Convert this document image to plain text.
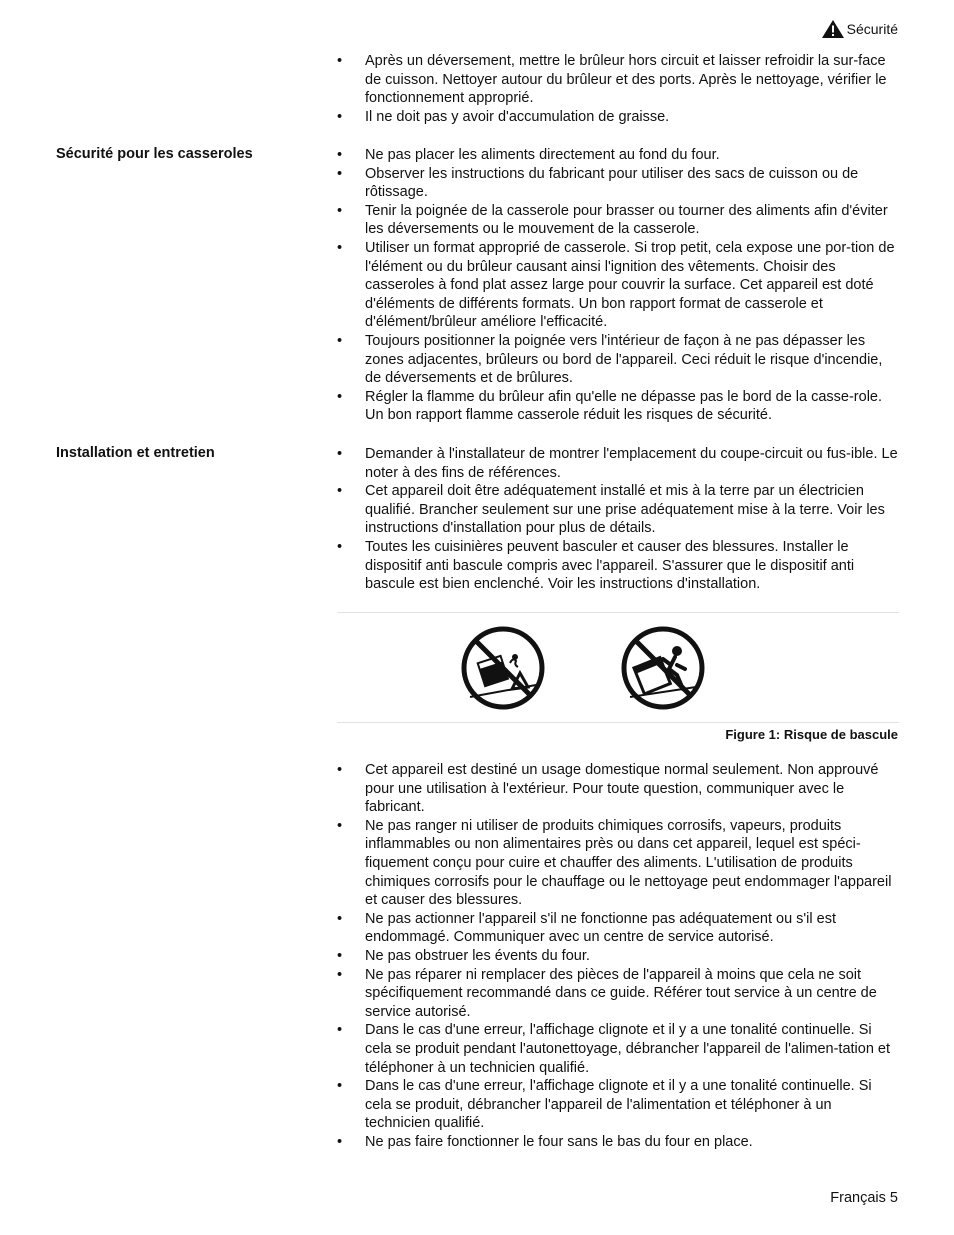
Sécurité
• Après un déversement, mettre le brûleur hors circuit et laisser refroidir la sur-face de cuisson. Nettoyer autour du brûleur et des ports. Après le nettoyage, vérifier le fonctionnement approprié.
• Il ne doit pas y avoir d'accumulation de graisse.
Sécurité pour les casseroles	• Ne pas placer les aliments directement au fond du four.
• Observer les instructions du fabricant pour utiliser des sacs de cuisson ou de rôtissage.
• Tenir la poignée de la casserole pour brasser ou tourner des aliments afin d'éviter les déversements ou le mouvement de la casserole.
• Utiliser un format approprié de casserole. Si trop petit, cela expose une por-tion de l'élément ou du brûleur causant ainsi l'ignition des vêtements. Choisir des casseroles à fond plat assez large pour couvrir la surface. Cet appareil est doté d'éléments de différents formats. Un bon rapport format de casserole et d'élément/brûleur améliore l'efficacité.
• Toujours positionner la poignée vers l'intérieur de façon à ne pas dépasser les zones adjacentes, brûleurs ou bord de l'appareil. Ceci réduit le risque d'incendie, de déversements et de brûlures.
• Régler la flamme du brûleur afin qu'elle ne dépasse pas le bord de la casse-role. Un bon rapport flamme casserole réduit les risques de sécurité.
Installation et entretien	• Demander à l'installateur de montrer l'emplacement du coupe-circuit ou fus-ible. Le noter à des fins de références.
• Cet appareil doit être adéquatement installé et mis à la terre par un électricien qualifié. Brancher seulement sur une prise adéquatement mise à la terre. Voir les instructions d'installation pour plus de détails.
• Toutes les cuisinières peuvent basculer et causer des blessures. Installer le dispositif anti bascule compris avec l'appareil. S'assurer que le dispositif anti bascule est bien enclenché. Voir les instructions d'installation.
Figure 1: Risque de bascule
• Cet appareil est destiné un usage domestique normal seulement. Non approuvé pour une utilisation à l'extérieur. Pour toute question, communiquer avec le fabricant.
• Ne pas ranger ni utiliser de produits chimiques corrosifs, vapeurs, produits inflammables ou non alimentaires près ou dans cet appareil, lequel est spéci-fiquement conçu pour cuire et chauffer des aliments. L'utilisation de produits chimiques corrosifs pour le chauffage ou le nettoyage peut endommager l'appareil et causer des blessures.
• Ne pas actionner l'appareil s'il ne fonctionne pas adéquatement ou s'il est endommagé. Communiquer avec un centre de service autorisé.
• Ne pas obstruer les évents du four.
• Ne pas réparer ni remplacer des pièces de l'appareil à moins que cela ne soit spécifiquement recommandé dans ce guide. Référer tout service à un centre de service autorisé.
• Dans le cas d'une erreur, l'affichage clignote et il y a une tonalité continuelle. Si cela se produit pendant l'autonettoyage, débrancher l'appareil de l'alimen-tation et téléphoner à un technicien qualifié.
• Dans le cas d'une erreur, l'affichage clignote et il y a une tonalité continuelle. Si cela se produit, débrancher l'appareil de l'alimentation et téléphoner à un technicien qualifié.
• Ne pas faire fonctionner le four sans le bas du four en place.
Français 5
